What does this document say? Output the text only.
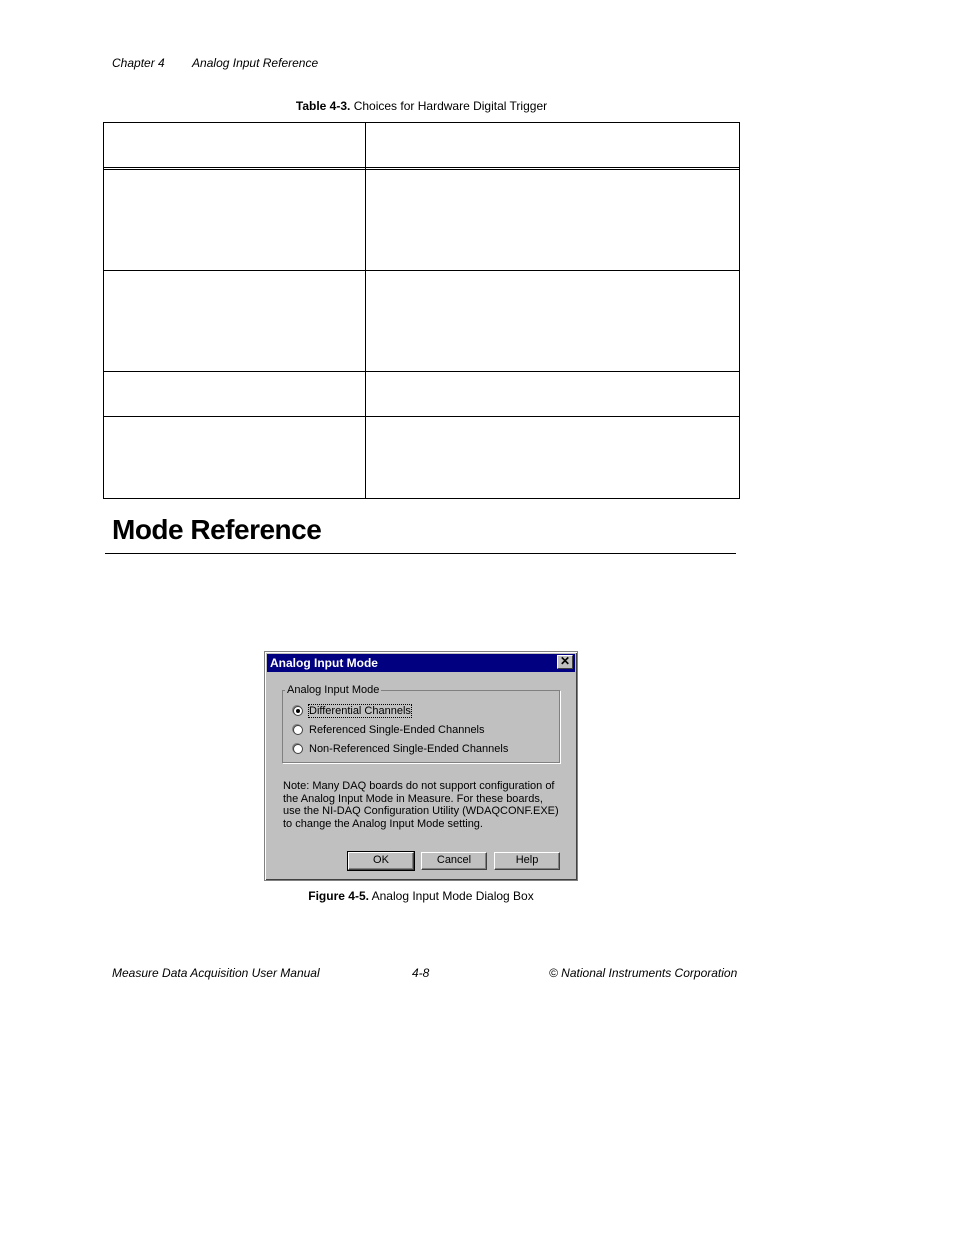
Chapter 4 Analog Input Reference
Table 4-3. Choices for Hardware Digital Trigger
Mode Reference
Analog Input Mode	✕
Analog Input Mode
Differential Channels
Referenced Single-Ended Channels
Non-Referenced Single-Ended Channels
Note: Many DAQ boards do not support configuration of the Analog Input Mode in Measure. For these boards, use the NI-DAQ Configuration Utility (WDAQCONF.EXE) to change the Analog Input Mode setting.
OK	Cancel	Help
Figure 4-5. Analog Input Mode Dialog Box
Measure Data Acquisition User Manual	4-8	© National Instruments Corporation
